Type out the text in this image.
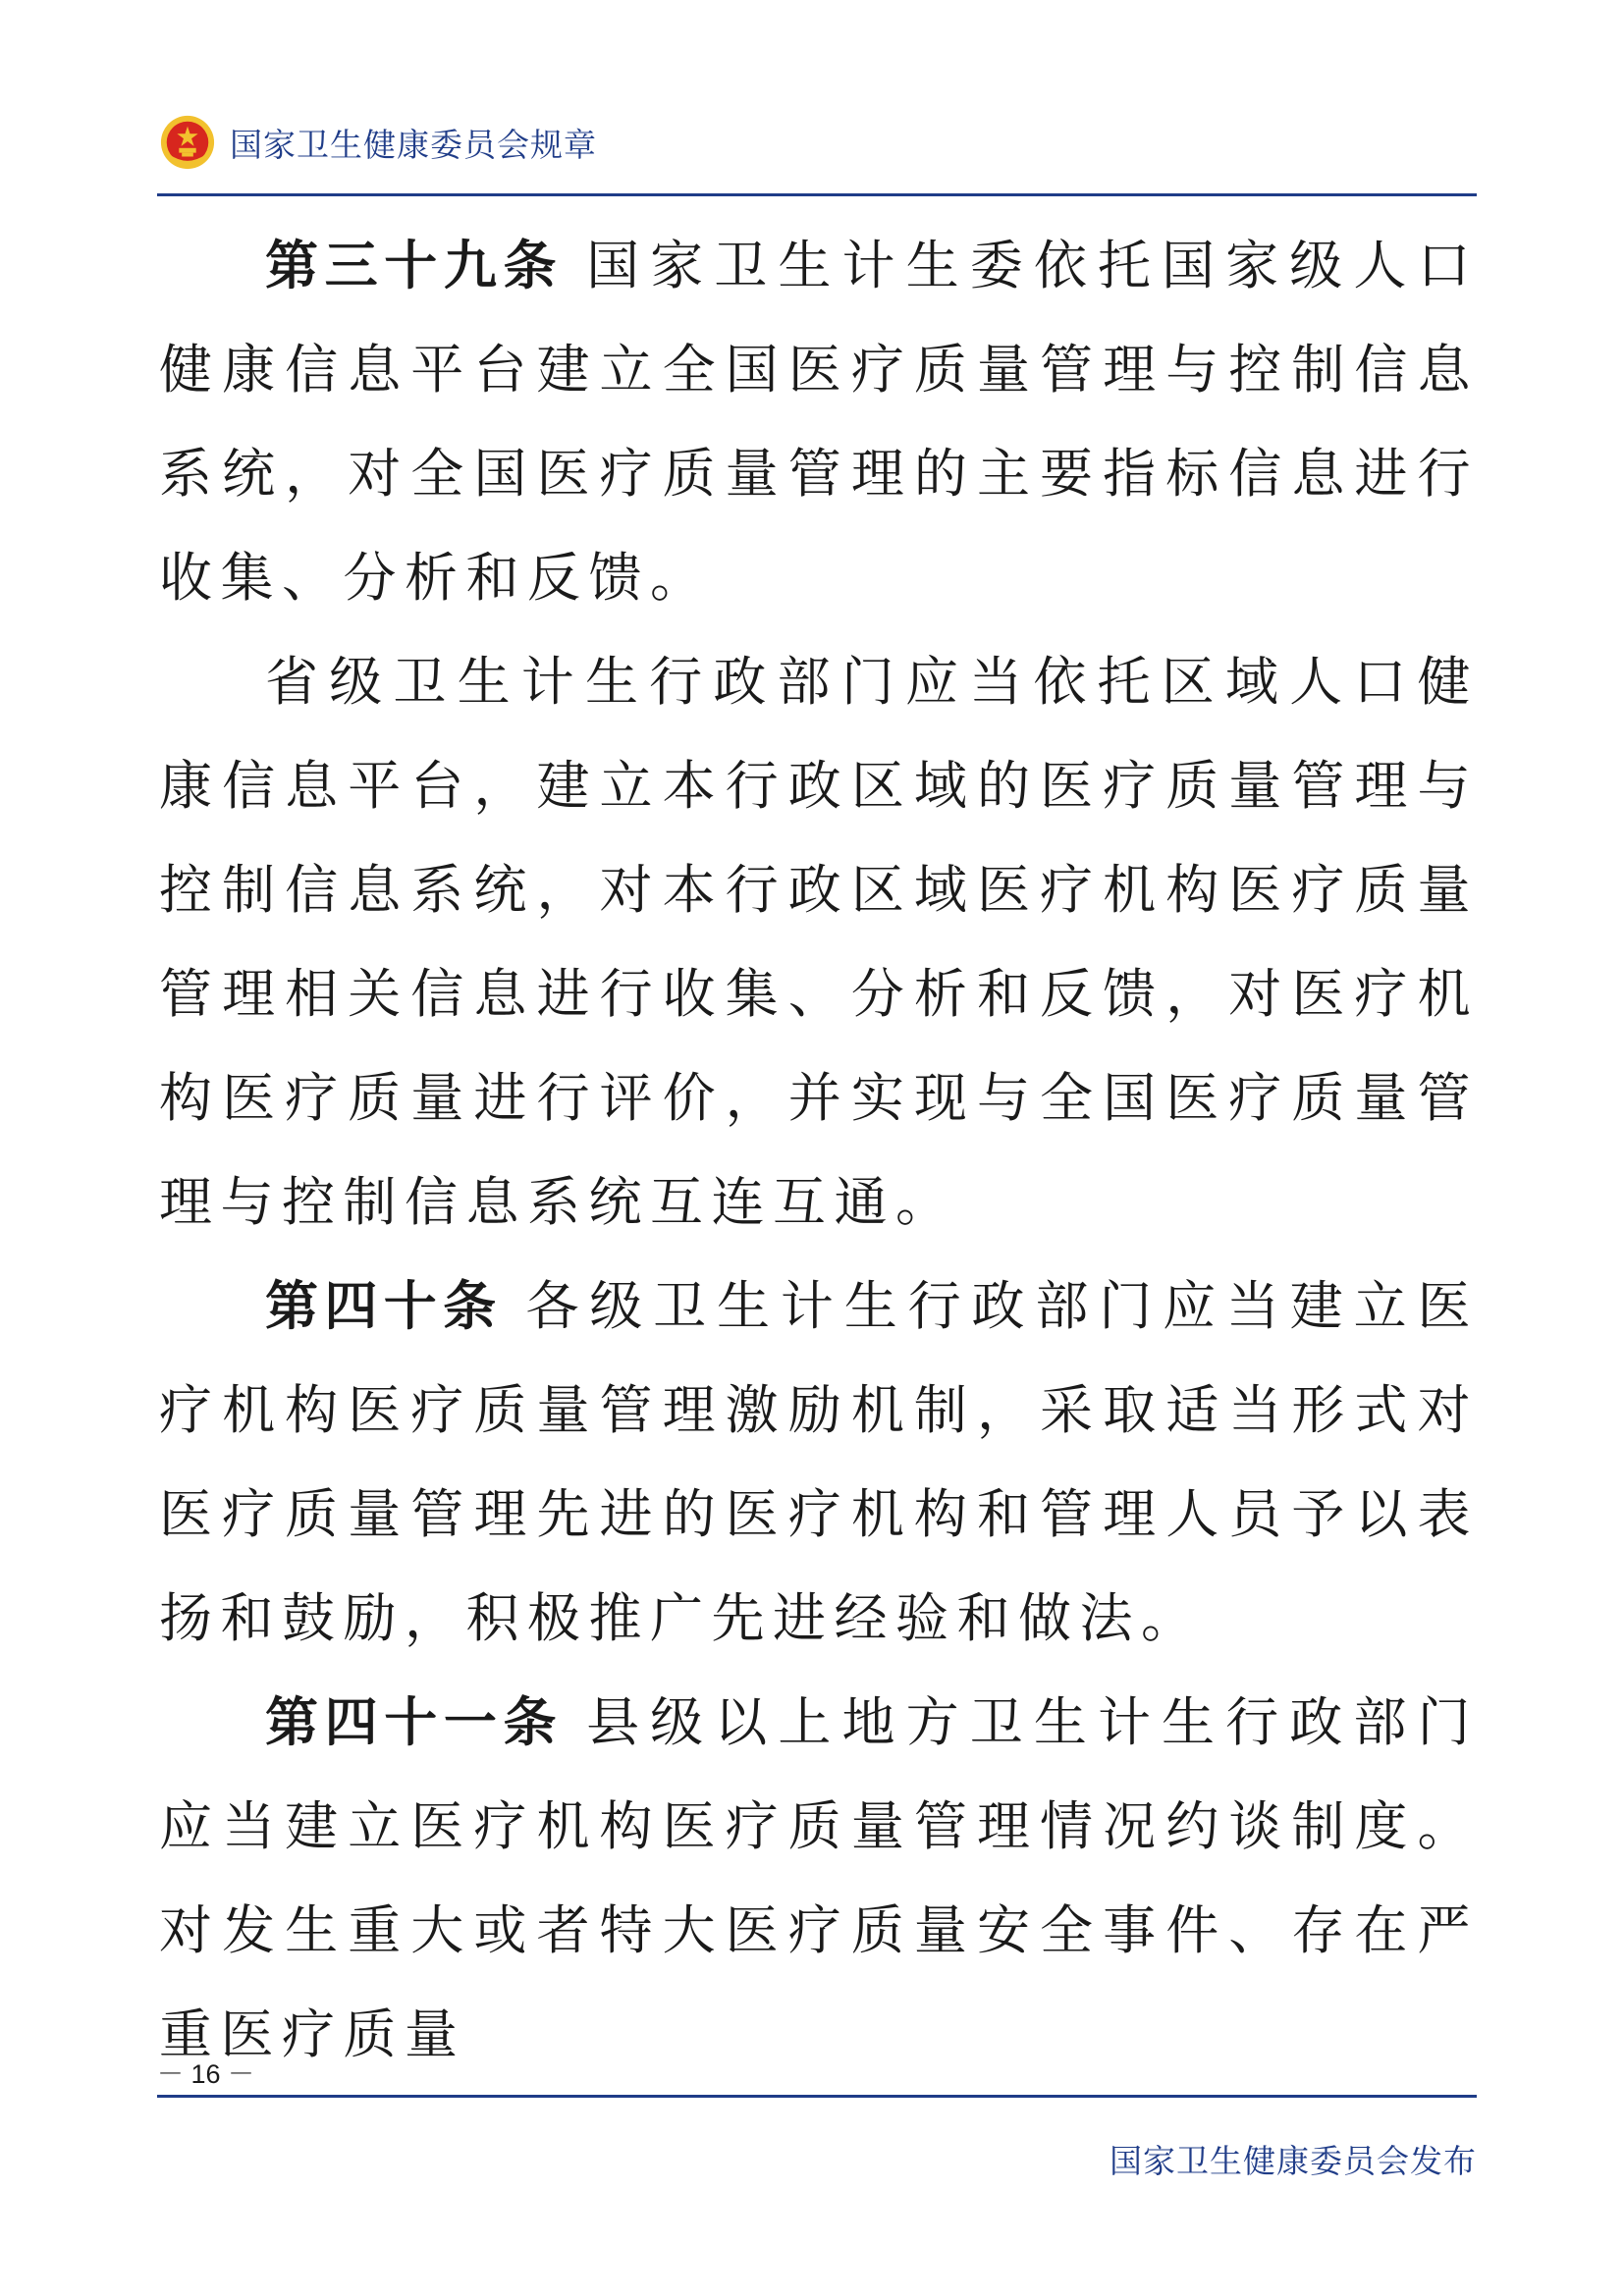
国家卫生健康委员会规章

第三十九条 国家卫生计生委依托国家级人口健康信息平台建立全国医疗质量管理与控制信息系统，对全国医疗质量管理的主要指标信息进行收集、分析和反馈。

省级卫生计生行政部门应当依托区域人口健康信息平台，建立本行政区域的医疗质量管理与控制信息系统，对本行政区域医疗机构医疗质量管理相关信息进行收集、分析和反馈，对医疗机构医疗质量进行评价，并实现与全国医疗质量管理与控制信息系统互连互通。

第四十条 各级卫生计生行政部门应当建立医疗机构医疗质量管理激励机制，采取适当形式对医疗质量管理先进的医疗机构和管理人员予以表扬和鼓励，积极推广先进经验和做法。

第四十一条 县级以上地方卫生计生行政部门应当建立医疗机构医疗质量管理情况约谈制度。对发生重大或者特大医疗质量安全事件、存在严重医疗质量

－ 16 －
国家卫生健康委员会发布
